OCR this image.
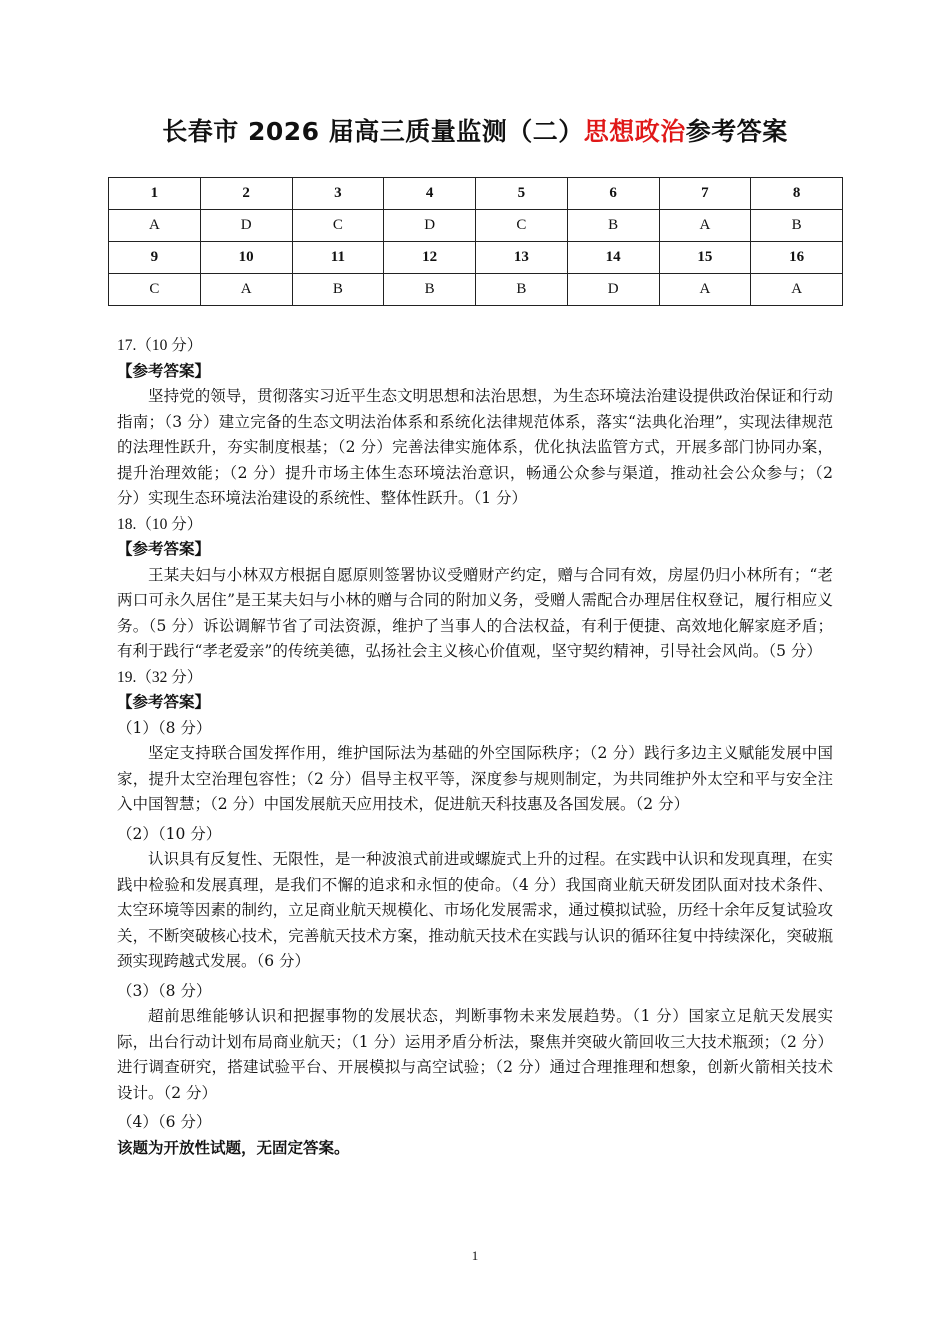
长春市 2026 届高三质量监测（二）思想政治参考答案
1	2	3	4	5	6	7	8
A	D	C	D	C	B	A	B
9	10	11	12	13	14	15	16
C	A	B	B	B	D	A	A

17.（10 分）

【参考答案】

坚持党的领导，贯彻落实习近平生态文明思想和法治思想，为生态环境法治建设提供政治保证和行动指南；（3 分）建立完备的生态文明法治体系和系统化法律规范体系，落实“法典化治理”，实现法律规范的法理性跃升，夯实制度根基；（2 分）完善法律实施体系，优化执法监管方式，开展多部门协同办案，提升治理效能；（2 分）提升市场主体生态环境法治意识，畅通公众参与渠道，推动社会公众参与；（2 分）实现生态环境法治建设的系统性、整体性跃升。（1 分）

18.（10 分）

【参考答案】

王某夫妇与小林双方根据自愿原则签署协议受赠财产约定，赠与合同有效，房屋仍归小林所有；“老两口可永久居住”是王某夫妇与小林的赠与合同的附加义务，受赠人需配合办理居住权登记，履行相应义务。（5 分）诉讼调解节省了司法资源，维护了当事人的合法权益，有利于便捷、高效地化解家庭矛盾；有利于践行“孝老爱亲”的传统美德，弘扬社会主义核心价值观，坚守契约精神，引导社会风尚。（5 分）

19.（32 分）

【参考答案】

（1）（8 分）

坚定支持联合国发挥作用，维护国际法为基础的外空国际秩序；（2 分）践行多边主义赋能发展中国家，提升太空治理包容性；（2 分）倡导主权平等，深度参与规则制定，为共同维护外太空和平与安全注入中国智慧；（2 分）中国发展航天应用技术，促进航天科技惠及各国发展。（2 分）

（2）（10 分）

认识具有反复性、无限性，是一种波浪式前进或螺旋式上升的过程。在实践中认识和发现真理，在实践中检验和发展真理，是我们不懈的追求和永恒的使命。（4 分）我国商业航天研发团队面对技术条件、太空环境等因素的制约，立足商业航天规模化、市场化发展需求，通过模拟试验，历经十余年反复试验攻关，不断突破核心技术，完善航天技术方案，推动航天技术在实践与认识的循环往复中持续深化，突破瓶颈实现跨越式发展。（6 分）

（3）（8 分）

超前思维能够认识和把握事物的发展状态，判断事物未来发展趋势。（1 分）国家立足航天发展实际，出台行动计划布局商业航天；（1 分）运用矛盾分析法，聚焦并突破火箭回收三大技术瓶颈；（2 分）进行调查研究，搭建试验平台、开展模拟与高空试验；（2 分）通过合理推理和想象，创新火箭相关技术设计。（2 分）

（4）（6 分）

该题为开放性试题，无固定答案。

1
